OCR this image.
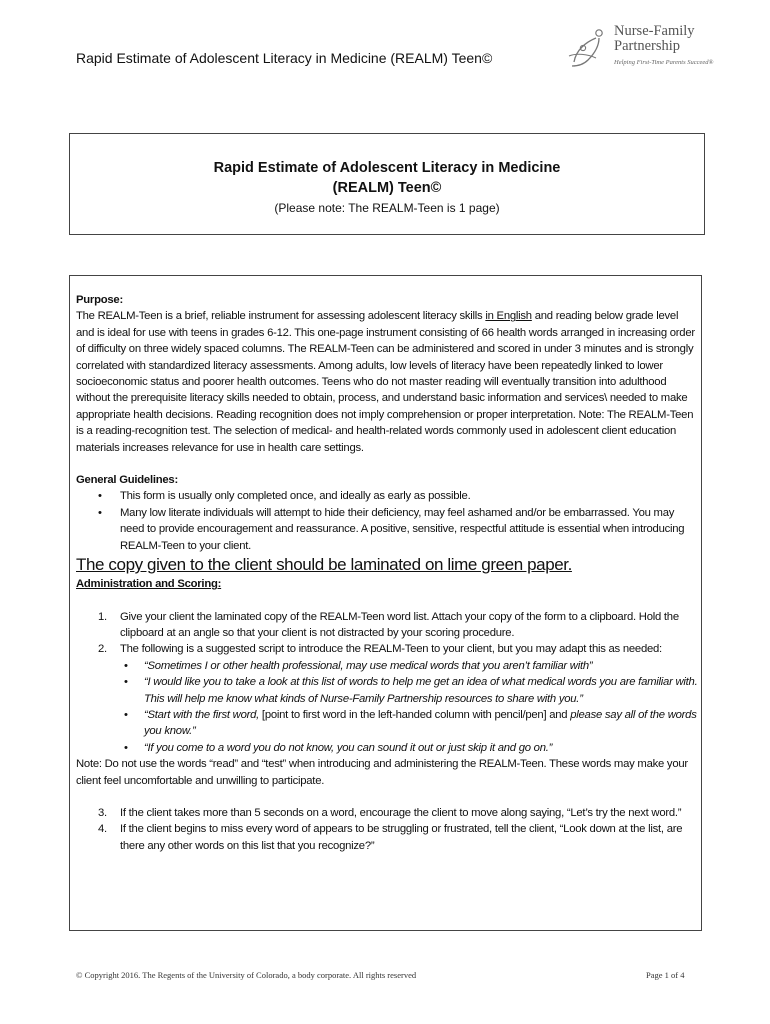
Rapid Estimate of Adolescent Literacy in Medicine (REALM) Teen©
Nurse-Family
Partnership
Helping First-Time Parents Succeed®
Rapid Estimate of Adolescent Literacy in Medicine
(REALM) Teen©
(Please note: The REALM-Teen is 1 page)

Purpose:

The REALM-Teen is a brief, reliable instrument for assessing adolescent literacy skills in English and reading below grade level and is ideal for use with teens in grades 6-12. This one-page instrument consisting of 66 health words arranged in increasing order of difficulty on three widely spaced columns. The REALM-Teen can be administered and scored in under 3 minutes and is strongly correlated with standardized literacy assessments. Among adults, low levels of literacy have been repeatedly linked to lower socioeconomic status and poorer health outcomes. Teens who do not master reading will eventually transition into adulthood without the prerequisite literacy skills needed to obtain, process, and understand basic information and services\ needed to make appropriate health decisions. Reading recognition does not imply comprehension or proper interpretation. Note: The REALM-Teen is a reading-recognition test. The selection of medical- and health-related words commonly used in adolescent client education materials increases relevance for use in health care settings.

General Guidelines:

• This form is usually only completed once, and ideally as early as possible.
• Many low literate individuals will attempt to hide their deficiency, may feel ashamed and/or be embarrassed. You may need to provide encouragement and reassurance. A positive, sensitive, respectful attitude is essential when introducing REALM-Teen to your client.

The copy given to the client should be laminated on lime green paper.

Administration and Scoring:

1. Give your client the laminated copy of the REALM-Teen word list. Attach your copy of the form to a clipboard. Hold the clipboard at an angle so that your client is not distracted by your scoring procedure.
2. The following is a suggested script to introduce the REALM-Teen to your client, but you may adapt this as needed:
• “Sometimes I or other health professional, may use medical words that you aren’t familiar with”
• “I would like you to take a look at this list of words to help me get an idea of what medical words you are familiar with. This will help me know what kinds of Nurse-Family Partnership resources to share with you.”
• “Start with the first word, [point to first word in the left-handed column with pencil/pen] and please say all of the words you know.”
• “If you come to a word you do not know, you can sound it out or just skip it and go on.”

Note: Do not use the words “read” and “test” when introducing and administering the REALM-Teen. These words may make your client feel uncomfortable and unwilling to participate.

3. If the client takes more than 5 seconds on a word, encourage the client to move along saying, “Let’s try the next word.”
4. If the client begins to miss every word of appears to be struggling or frustrated, tell the client, “Look down at the list, are there any other words on this list that you recognize?”
© Copyright 2016. The Regents of the University of Colorado, a body corporate. All rights reserved	Page 1 of 4
